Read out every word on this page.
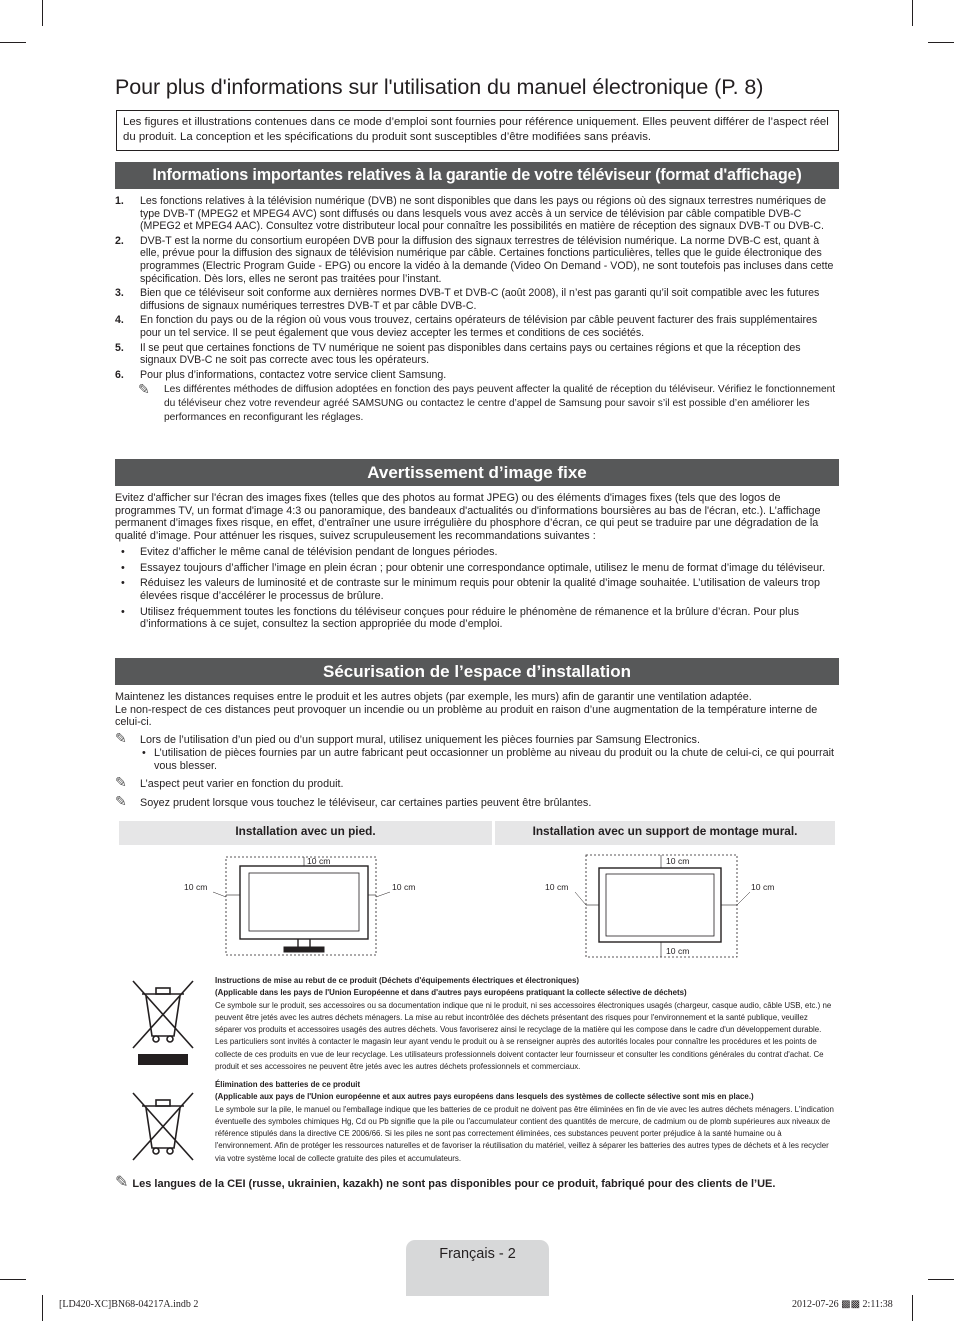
Pour plus d'informations sur l'utilisation du manuel électronique (P. 8)
Les figures et illustrations contenues dans ce mode d’emploi sont fournies pour référence uniquement. Elles peuvent différer de l’aspect réel du produit. La conception et les spécifications du produit sont susceptibles d’être modifiées sans préavis.
Informations importantes relatives à la garantie de votre téléviseur (format d'affichage)
1. Les fonctions relatives à la télévision numérique (DVB) ne sont disponibles que dans les pays ou régions où des signaux terrestres numériques de type DVB-T (MPEG2 et MPEG4 AVC) sont diffusés ou dans lesquels vous avez accès à un service de télévision par câble compatible DVB-C (MPEG2 et MPEG4 AAC). Consultez votre distributeur local pour connaître les possibilités en matière de réception des signaux DVB-T ou DVB-C.
2. DVB-T est la norme du consortium européen DVB pour la diffusion des signaux terrestres de télévision numérique. La norme DVB-C est, quant à elle, prévue pour la diffusion des signaux de télévision numérique par câble. Certaines fonctions particulières, telles que le guide électronique des programmes (Electric Program Guide - EPG) ou encore la vidéo à la demande (Video On Demand - VOD), ne sont toutefois pas incluses dans cette spécification. Dès lors, elles ne seront pas traitées pour l’instant.
3. Bien que ce téléviseur soit conforme aux dernières normes DVB-T et DVB-C (août 2008), il n’est pas garanti qu’il soit compatible avec les futures diffusions de signaux numériques terrestres DVB-T et par câble DVB-C.
4. En fonction du pays ou de la région où vous vous trouvez, certains opérateurs de télévision par câble peuvent facturer des frais supplémentaires pour un tel service. Il se peut également que vous deviez accepter les termes et conditions de ces sociétés.
5. Il se peut que certaines fonctions de TV numérique ne soient pas disponibles dans certains pays ou certaines régions et que la réception des signaux DVB-C ne soit pas correcte avec tous les opérateurs.
6. Pour plus d’informations, contactez votre service client Samsung.
✎ Les différentes méthodes de diffusion adoptées en fonction des pays peuvent affecter la qualité de réception du téléviseur. Vérifiez le fonctionnement du téléviseur chez votre revendeur agréé SAMSUNG ou contactez le centre d’appel de Samsung pour savoir s’il est possible d’en améliorer les performances en reconfigurant les réglages.
Avertissement d’image fixe
Evitez d'afficher sur l'écran des images fixes (telles que des photos au format JPEG) ou des éléments d'images fixes (tels que des logos de programmes TV, un format d'image 4:3 ou panoramique, des bandeaux d'actualités ou d'informations boursières au bas de l'écran, etc.). L’affichage permanent d’images fixes risque, en effet, d’entraîner une usure irrégulière du phosphore d’écran, ce qui peut se traduire par une dégradation de la qualité d’image. Pour atténuer les risques, suivez scrupuleusement les recommandations suivantes :
• Evitez d’afficher le même canal de télévision pendant de longues périodes.
• Essayez toujours d’afficher l’image en plein écran ; pour obtenir une correspondance optimale, utilisez le menu de format d’image du téléviseur.
• Réduisez les valeurs de luminosité et de contraste sur le minimum requis pour obtenir la qualité d’image souhaitée. L’utilisation de valeurs trop élevées risque d’accélérer le processus de brûlure.
• Utilisez fréquemment toutes les fonctions du téléviseur conçues pour réduire le phénomène de rémanence et la brûlure d’écran. Pour plus d’informations à ce sujet, consultez la section appropriée du mode d’emploi.
Sécurisation de l’espace d’installation
Maintenez les distances requises entre le produit et les autres objets (par exemple, les murs) afin de garantir une ventilation adaptée.
Le non-respect de ces distances peut provoquer un incendie ou un problème au produit en raison d’une augmentation de la température interne de celui-ci.
✎ Lors de l’utilisation d’un pied ou d’un support mural, utilisez uniquement les pièces fournies par Samsung Electronics.
• L’utilisation de pièces fournies par un autre fabricant peut occasionner un problème au niveau du produit ou la chute de celui-ci, ce qui pourrait vous blesser.
✎ L’aspect peut varier en fonction du produit.
✎ Soyez prudent lorsque vous touchez le téléviseur, car certaines parties peuvent être brûlantes.
Installation avec un pied.	Installation avec un support de montage mural.
10 cm
10 cm	10 cm
10 cm
10 cm	10 cm
10 cm
Instructions de mise au rebut de ce produit (Déchets d'équipements électriques et électroniques)
(Applicable dans les pays de l'Union Européenne et dans d'autres pays européens pratiquant la collecte sélective de déchets)
Ce symbole sur le produit, ses accessoires ou sa documentation indique que ni le produit, ni ses accessoires électroniques usagés (chargeur, casque audio, câble USB, etc.) ne peuvent être jetés avec les autres déchets ménagers. La mise au rebut incontrôlée des déchets présentant des risques pour l'environnement et la santé publique, veuillez séparer vos produits et accessoires usagés des autres déchets. Vous favoriserez ainsi le recyclage de la matière qui les compose dans le cadre d'un développement durable. Les particuliers sont invités à contacter le magasin leur ayant vendu le produit ou à se renseigner auprès des autorités locales pour connaître les procédures et les points de collecte de ces produits en vue de leur recyclage. Les utilisateurs professionnels doivent contacter leur fournisseur et consulter les conditions générales du contrat d'achat. Ce produit et ses accessoires ne peuvent être jetés avec les autres déchets professionnels et commerciaux.
Élimination des batteries de ce produit
(Applicable aux pays de l'Union européenne et aux autres pays européens dans lesquels des systèmes de collecte sélective sont mis en place.)
Le symbole sur la pile, le manuel ou l'emballage indique que les batteries de ce produit ne doivent pas être éliminées en fin de vie avec les autres déchets ménagers. L'indication éventuelle des symboles chimiques Hg, Cd ou Pb signifie que la pile ou l'accumulateur contient des quantités de mercure, de cadmium ou de plomb supérieures aux niveaux de référence stipulés dans la directive CE 2006/66. Si les piles ne sont pas correctement éliminées, ces substances peuvent porter préjudice à la santé humaine ou à l'environnement. Afin de protéger les ressources naturelles et de favoriser la réutilisation du matériel, veillez à séparer les batteries des autres types de déchets et à les recycler via votre système local de collecte gratuite des piles et accumulateurs.
✎ Les langues de la CEI (russe, ukrainien, kazakh) ne sont pas disponibles pour ce produit, fabriqué pour des clients de l’UE.
Français - 2
[LD420-XC]BN68-04217A.indb 2	2012-07-26 ▩▩ 2:11:38
